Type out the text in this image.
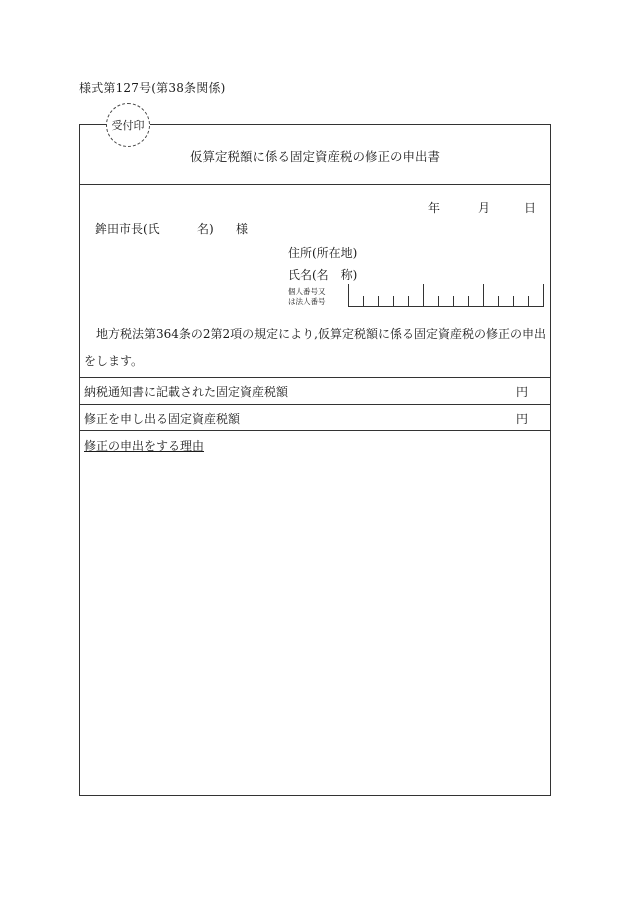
様式第127号(第38条関係)
受付印
仮算定税額に係る固定資産税の修正の申出書
年	月	日
鉾田市長(氏	名) 様
住所(所在地)
氏名(名　称)
個人番号又
は法人番号
　地方税法第364条の2第2項の規定により,仮算定税額に係る固定資産税の修正の申出をします。
納税通知書に記載された固定資産税額	円
修正を申し出る固定資産税額	円
修正の申出をする理由
